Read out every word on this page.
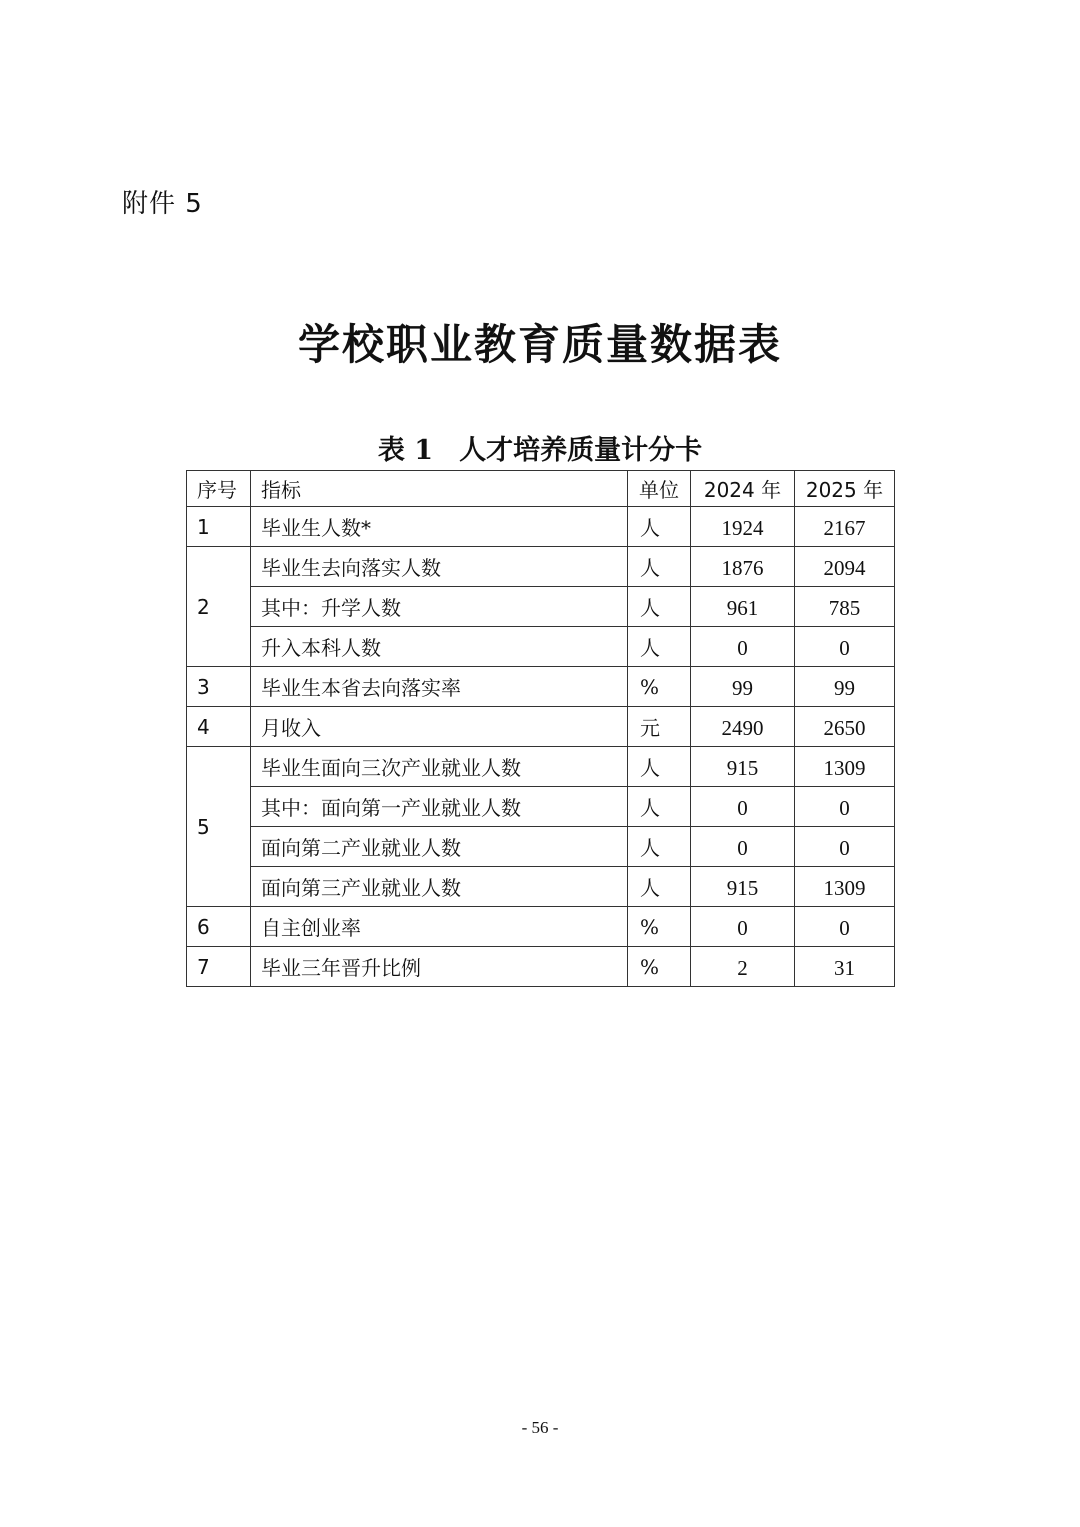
附件 5
学校职业教育质量数据表
表 1 人才培养质量计分卡
序号	指标	单位	2024 年	2025 年
1	毕业生人数*	人	1924	2167
2	毕业生去向落实人数	人	1876	2094
	其中：升学人数	人	961	785
	升入本科人数	人	0	0
3	毕业生本省去向落实率	%	99	99
4	月收入	元	2490	2650
5	毕业生面向三次产业就业人数	人	915	1309
	其中：面向第一产业就业人数	人	0	0
	面向第二产业就业人数	人	0	0
	面向第三产业就业人数	人	915	1309
6	自主创业率	%	0	0
7	毕业三年晋升比例	%	2	31
- 56 -
